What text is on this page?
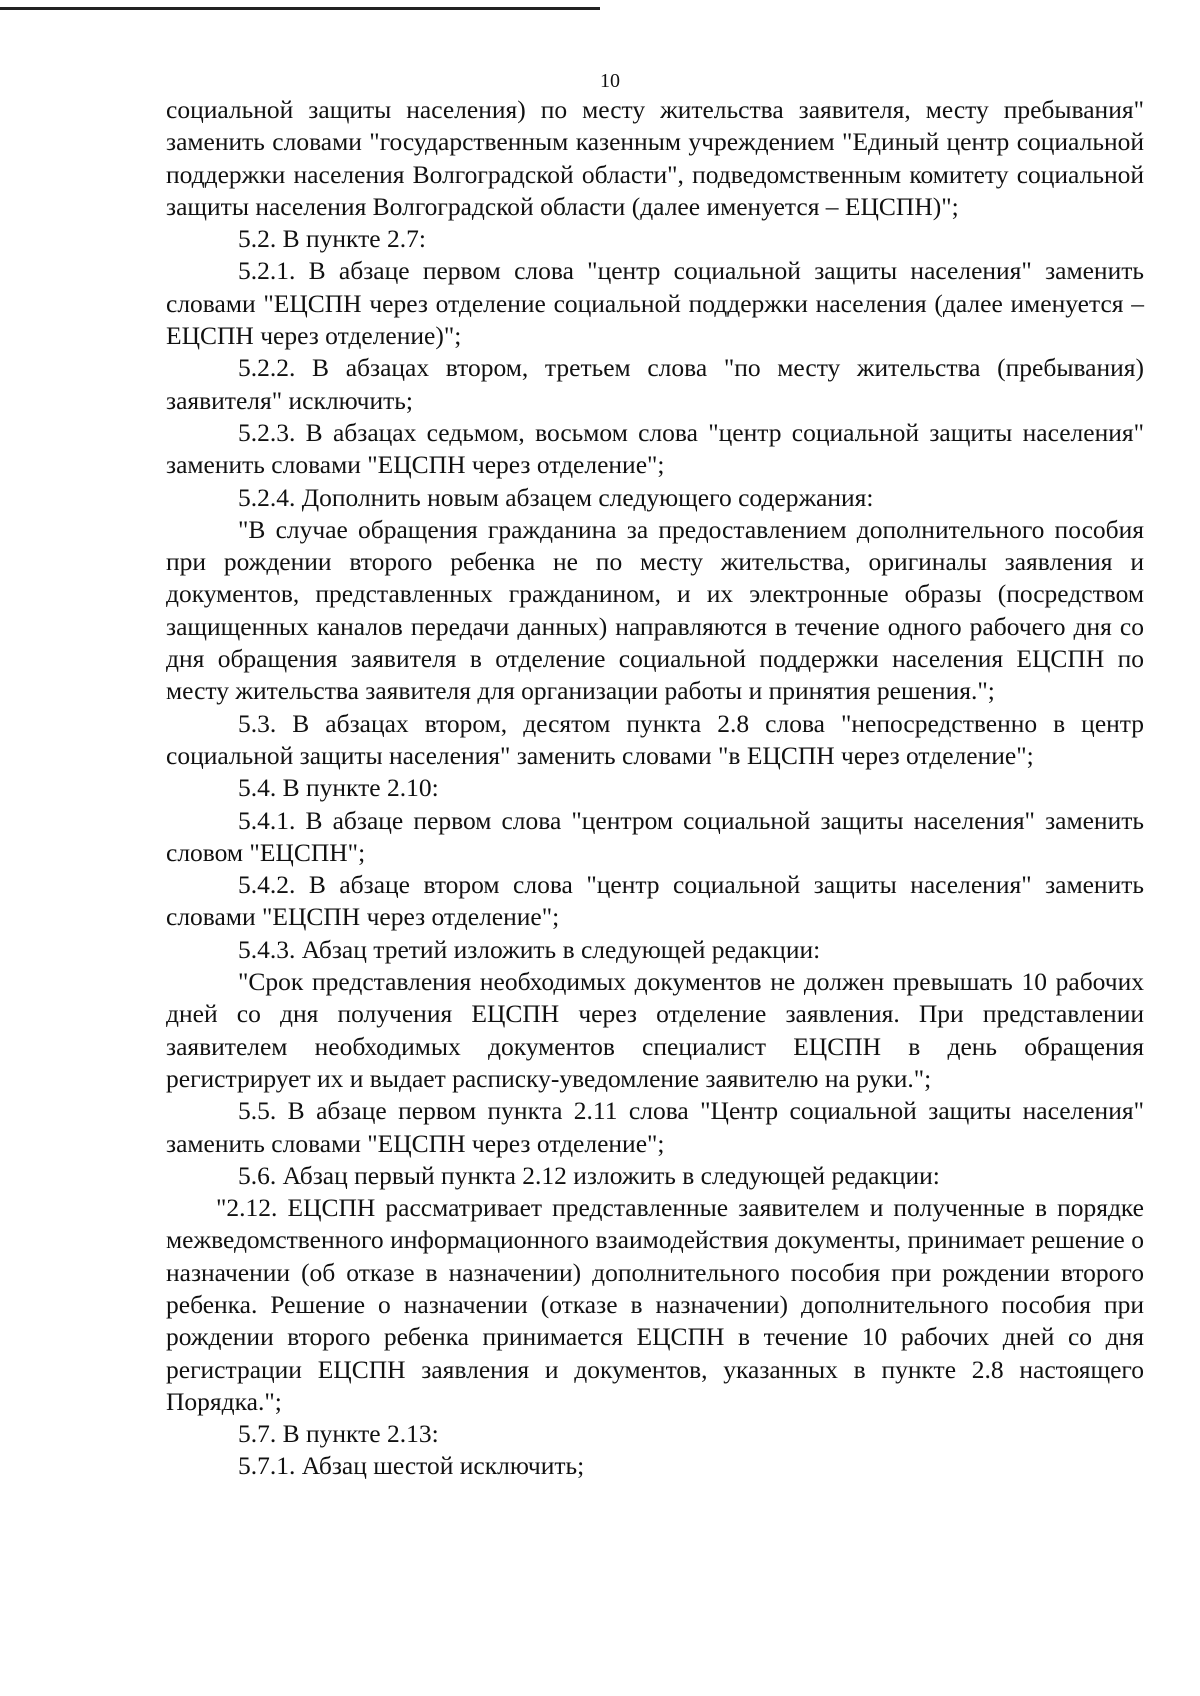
10

социальной защиты населения) по месту жительства заявителя, месту пребывания" заменить словами "государственным казенным учреждением "Единый центр социальной поддержки населения Волгоградской области", подведомственным комитету социальной защиты населения Волгоградской области (далее именуется – ЕЦСПН)";

5.2. В пункте 2.7:

5.2.1. В абзаце первом слова "центр социальной защиты населения" заменить словами "ЕЦСПН через отделение социальной поддержки населения (далее именуется – ЕЦСПН через отделение)";

5.2.2. В абзацах втором, третьем слова "по месту жительства (пребывания) заявителя" исключить;

5.2.3. В абзацах седьмом, восьмом слова "центр социальной защиты населения" заменить словами "ЕЦСПН через отделение";

5.2.4. Дополнить новым абзацем следующего содержания:

"В случае обращения гражданина за предоставлением дополнительного пособия при рождении второго ребенка не по месту жительства, оригиналы заявления и документов, представленных гражданином, и их электронные образы (посредством защищенных каналов передачи данных) направляются в течение одного рабочего дня со дня обращения заявителя в отделение социальной поддержки населения ЕЦСПН по месту жительства заявителя для организации работы и принятия решения.";

5.3. В абзацах втором, десятом пункта 2.8 слова "непосредственно в центр социальной защиты населения" заменить словами "в ЕЦСПН через отделение";

5.4. В пункте 2.10:

5.4.1. В абзаце первом слова "центром социальной защиты населения" заменить словом "ЕЦСПН";

5.4.2. В абзаце втором слова "центр социальной защиты населения" заменить словами "ЕЦСПН через отделение";

5.4.3. Абзац третий изложить в следующей редакции:

"Срок представления необходимых документов не должен превышать 10 рабочих дней со дня получения ЕЦСПН через отделение заявления. При представлении заявителем необходимых документов специалист ЕЦСПН в день обращения регистрирует их и выдает расписку-уведомление заявителю на руки.";

5.5. В абзаце первом пункта 2.11 слова "Центр социальной защиты населения" заменить словами "ЕЦСПН через отделение";

5.6. Абзац первый пункта 2.12 изложить в следующей редакции:

"2.12. ЕЦСПН рассматривает представленные заявителем и полученные в порядке межведомственного информационного взаимодействия документы, принимает решение о назначении (об отказе в назначении) дополнительного пособия при рождении второго ребенка. Решение о назначении (отказе в назначении) дополнительного пособия при рождении второго ребенка принимается ЕЦСПН в течение 10 рабочих дней со дня регистрации ЕЦСПН заявления и документов, указанных в пункте 2.8 настоящего Порядка.";

5.7. В пункте 2.13:

5.7.1. Абзац шестой исключить;
